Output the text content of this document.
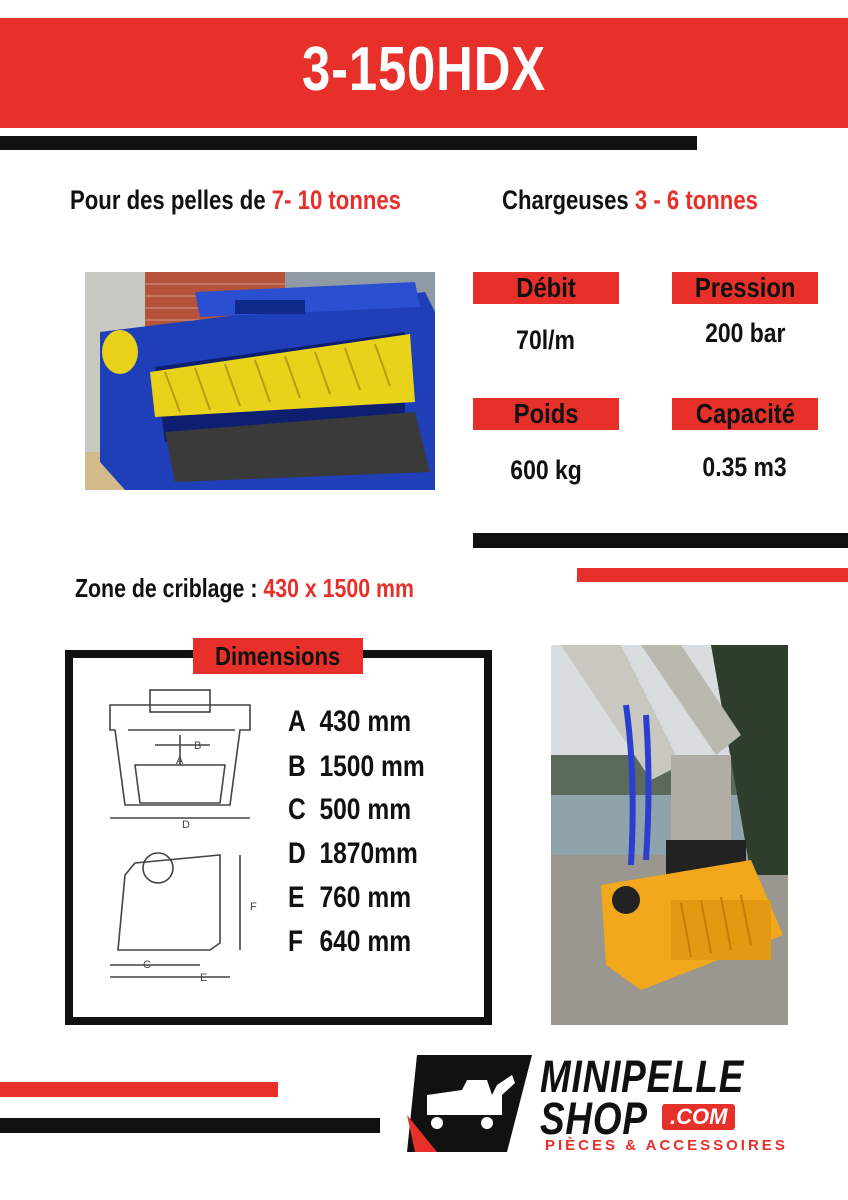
3-150HDX
Pour des pelles de 7- 10 tonnes	Chargeuses 3 - 6 tonnes
Débit	Pression
70l/m	200 bar
Poids	Capacité
600 kg	0.35 m3
Zone de criblage : 430 x 1500 mm
Dimensions
B
A
D
F
C
E
A 430 mm
B 1500 mm
C 500 mm
D 1870mm
E 760 mm
F 640 mm
MINIPELLE
SHOP	.COM
PIÈCES & ACCESSOIRES
